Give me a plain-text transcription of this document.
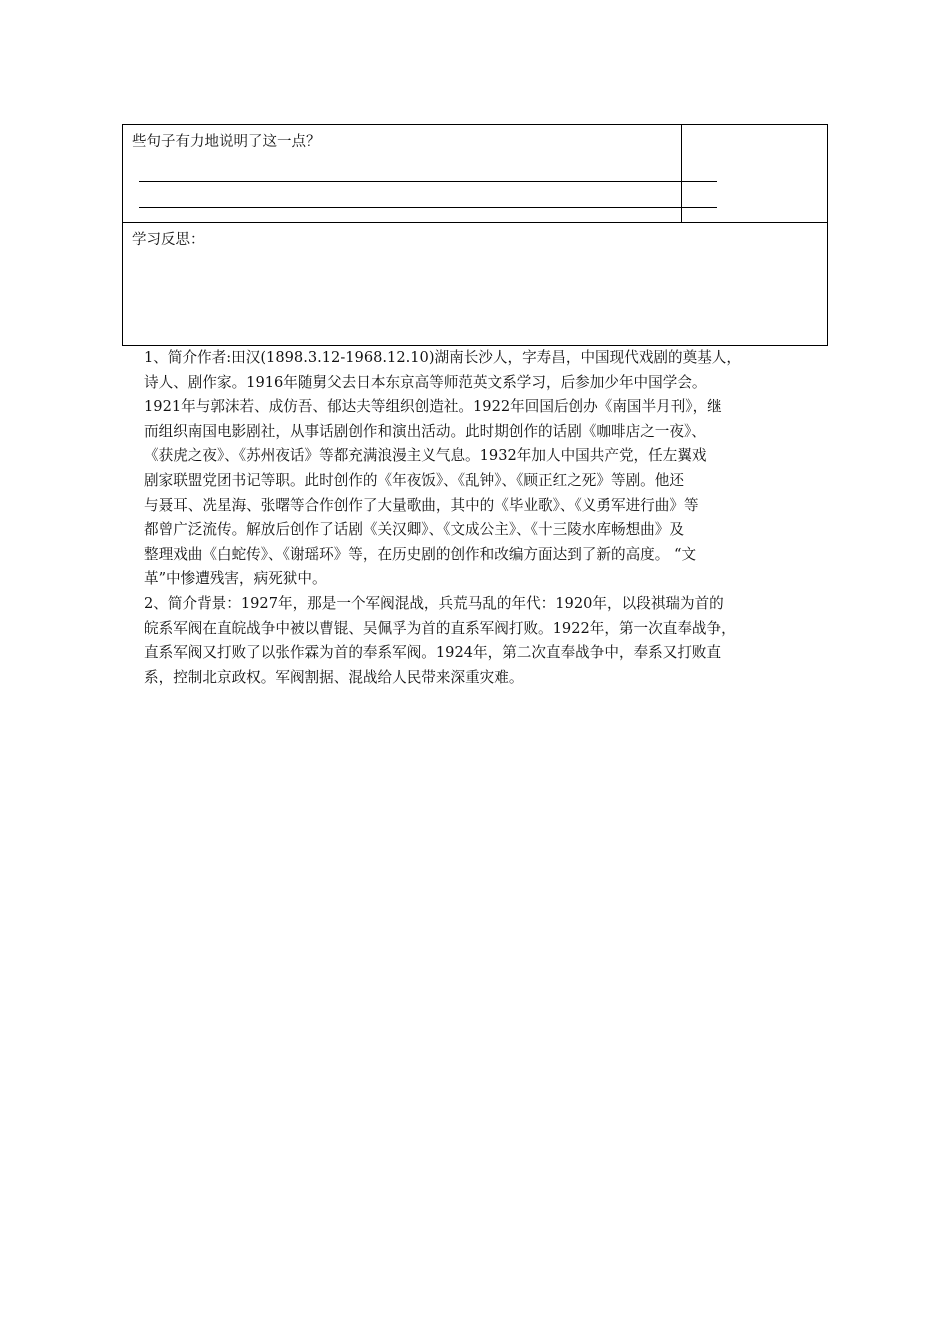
些句子有力地说明了这一点？
学习反思：

1、简介作者:田汉(1898.3.12-1968.12.10)湖南长沙人，字寿昌，中国现代戏剧的奠基人，
诗人、剧作家。1916年随舅父去日本东京高等师范英文系学习，后参加少年中国学会。
1921年与郭沫若、成仿吾、郁达夫等组织创造社。1922年回国后创办《南国半月刊》，继
而组织南国电影剧社，从事话剧创作和演出活动。此时期创作的话剧《咖啡店之一夜》、
《获虎之夜》、《苏州夜话》等都充满浪漫主义气息。1932年加人中国共产党，任左翼戏
剧家联盟党团书记等职。此时创作的《年夜饭》、《乱钟》、《顾正红之死》等剧。他还
与聂耳、冼星海、张曙等合作创作了大量歌曲，其中的《毕业歌》、《义勇军进行曲》等
都曾广泛流传。解放后创作了话剧《关汉卿》、《文成公主》、《十三陵水库畅想曲》及
整理戏曲《白蛇传》、《谢瑶环》等，在历史剧的创作和改编方面达到了新的高度。 “文
革”中惨遭残害，病死狱中。

2、简介背景：1927年，那是一个军阀混战，兵荒马乱的年代：1920年，以段祺瑞为首的
皖系军阀在直皖战争中被以曹锟、吴佩孚为首的直系军阀打败。1922年，第一次直奉战争，
直系军阀又打败了以张作霖为首的奉系军阀。1924年，第二次直奉战争中，奉系又打败直
系，控制北京政权。军阀割据、混战给人民带来深重灾难。
